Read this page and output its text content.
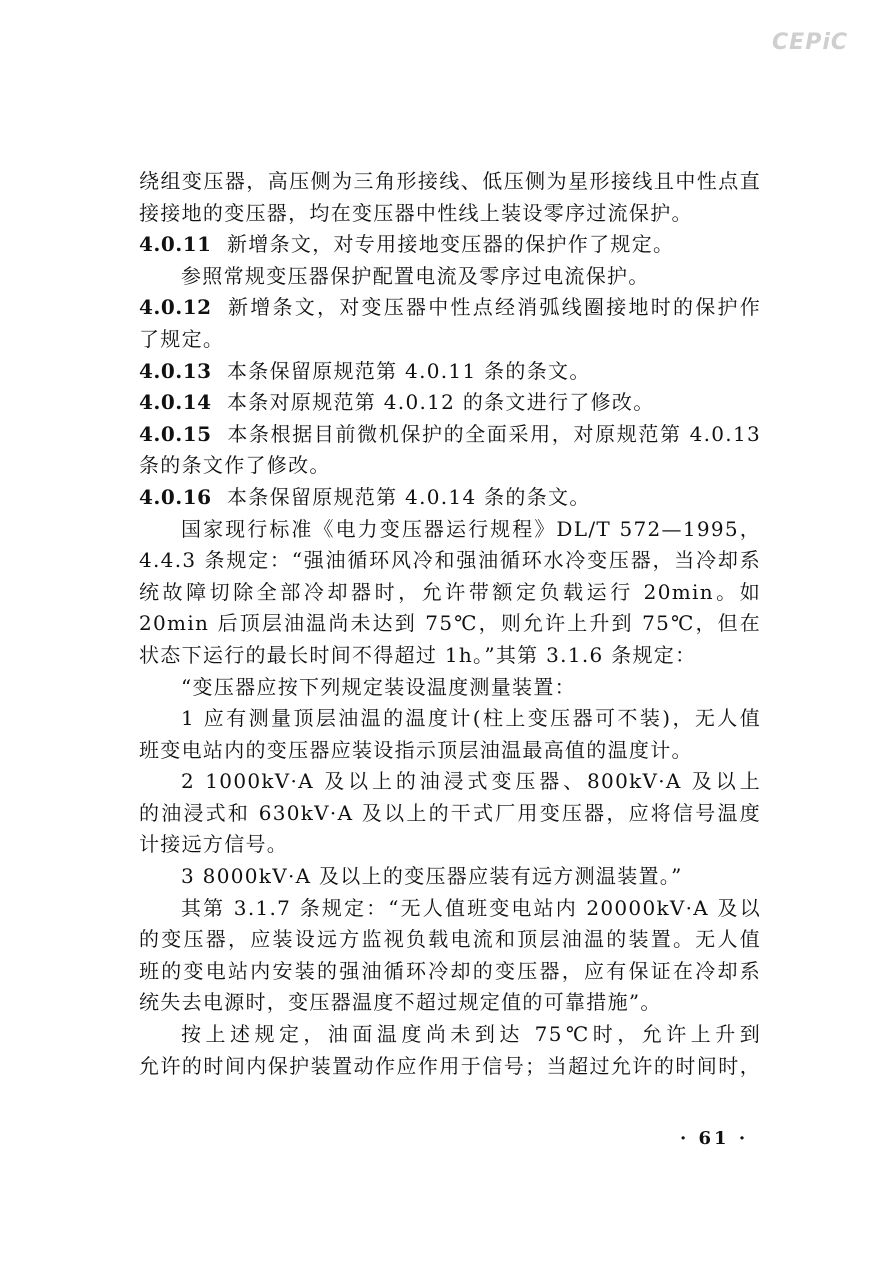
CEPiC
绕组变压器，高压侧为三角形接线、低压侧为星形接线且中性点直
接接地的变压器，均在变压器中性线上装设零序过流保护。
4.0.11 新增条文，对专用接地变压器的保护作了规定。
参照常规变压器保护配置电流及零序过电流保护。
4.0.12 新增条文，对变压器中性点经消弧线圈接地时的保护作
了规定。
4.0.13 本条保留原规范第 4.0.11 条的条文。
4.0.14 本条对原规范第 4.0.12 的条文进行了修改。
4.0.15 本条根据目前微机保护的全面采用，对原规范第 4.0.13
条的条文作了修改。
4.0.16 本条保留原规范第 4.0.14 条的条文。
国家现行标准《电力变压器运行规程》DL/T 572—1995，
4.4.3 条规定：“强油循环风冷和强油循环水冷变压器，当冷却系
统故障切除全部冷却器时，允许带额定负载运行 20min。如
20min 后顶层油温尚未达到 75℃，则允许上升到 75℃，但在
状态下运行的最长时间不得超过 1h。”其第 3.1.6 条规定：
“变压器应按下列规定装设温度测量装置：
1 应有测量顶层油温的温度计(柱上变压器可不装)，无人值
班变电站内的变压器应装设指示顶层油温最高值的温度计。
2 1000kV·A 及以上的油浸式变压器、800kV·A 及以上
的油浸式和 630kV·A 及以上的干式厂用变压器，应将信号温度
计接远方信号。
3 8000kV·A 及以上的变压器应装有远方测温装置。”
其第 3.1.7 条规定：“无人值班变电站内 20000kV·A 及以
的变压器，应装设远方监视负载电流和顶层油温的装置。无人值
班的变电站内安装的强油循环冷却的变压器，应有保证在冷却系
统失去电源时，变压器温度不超过规定值的可靠措施”。
按上述规定，油面温度尚未到达 75℃时，允许上升到
允许的时间内保护装置动作应作用于信号；当超过允许的时间时，
· 61 ·
